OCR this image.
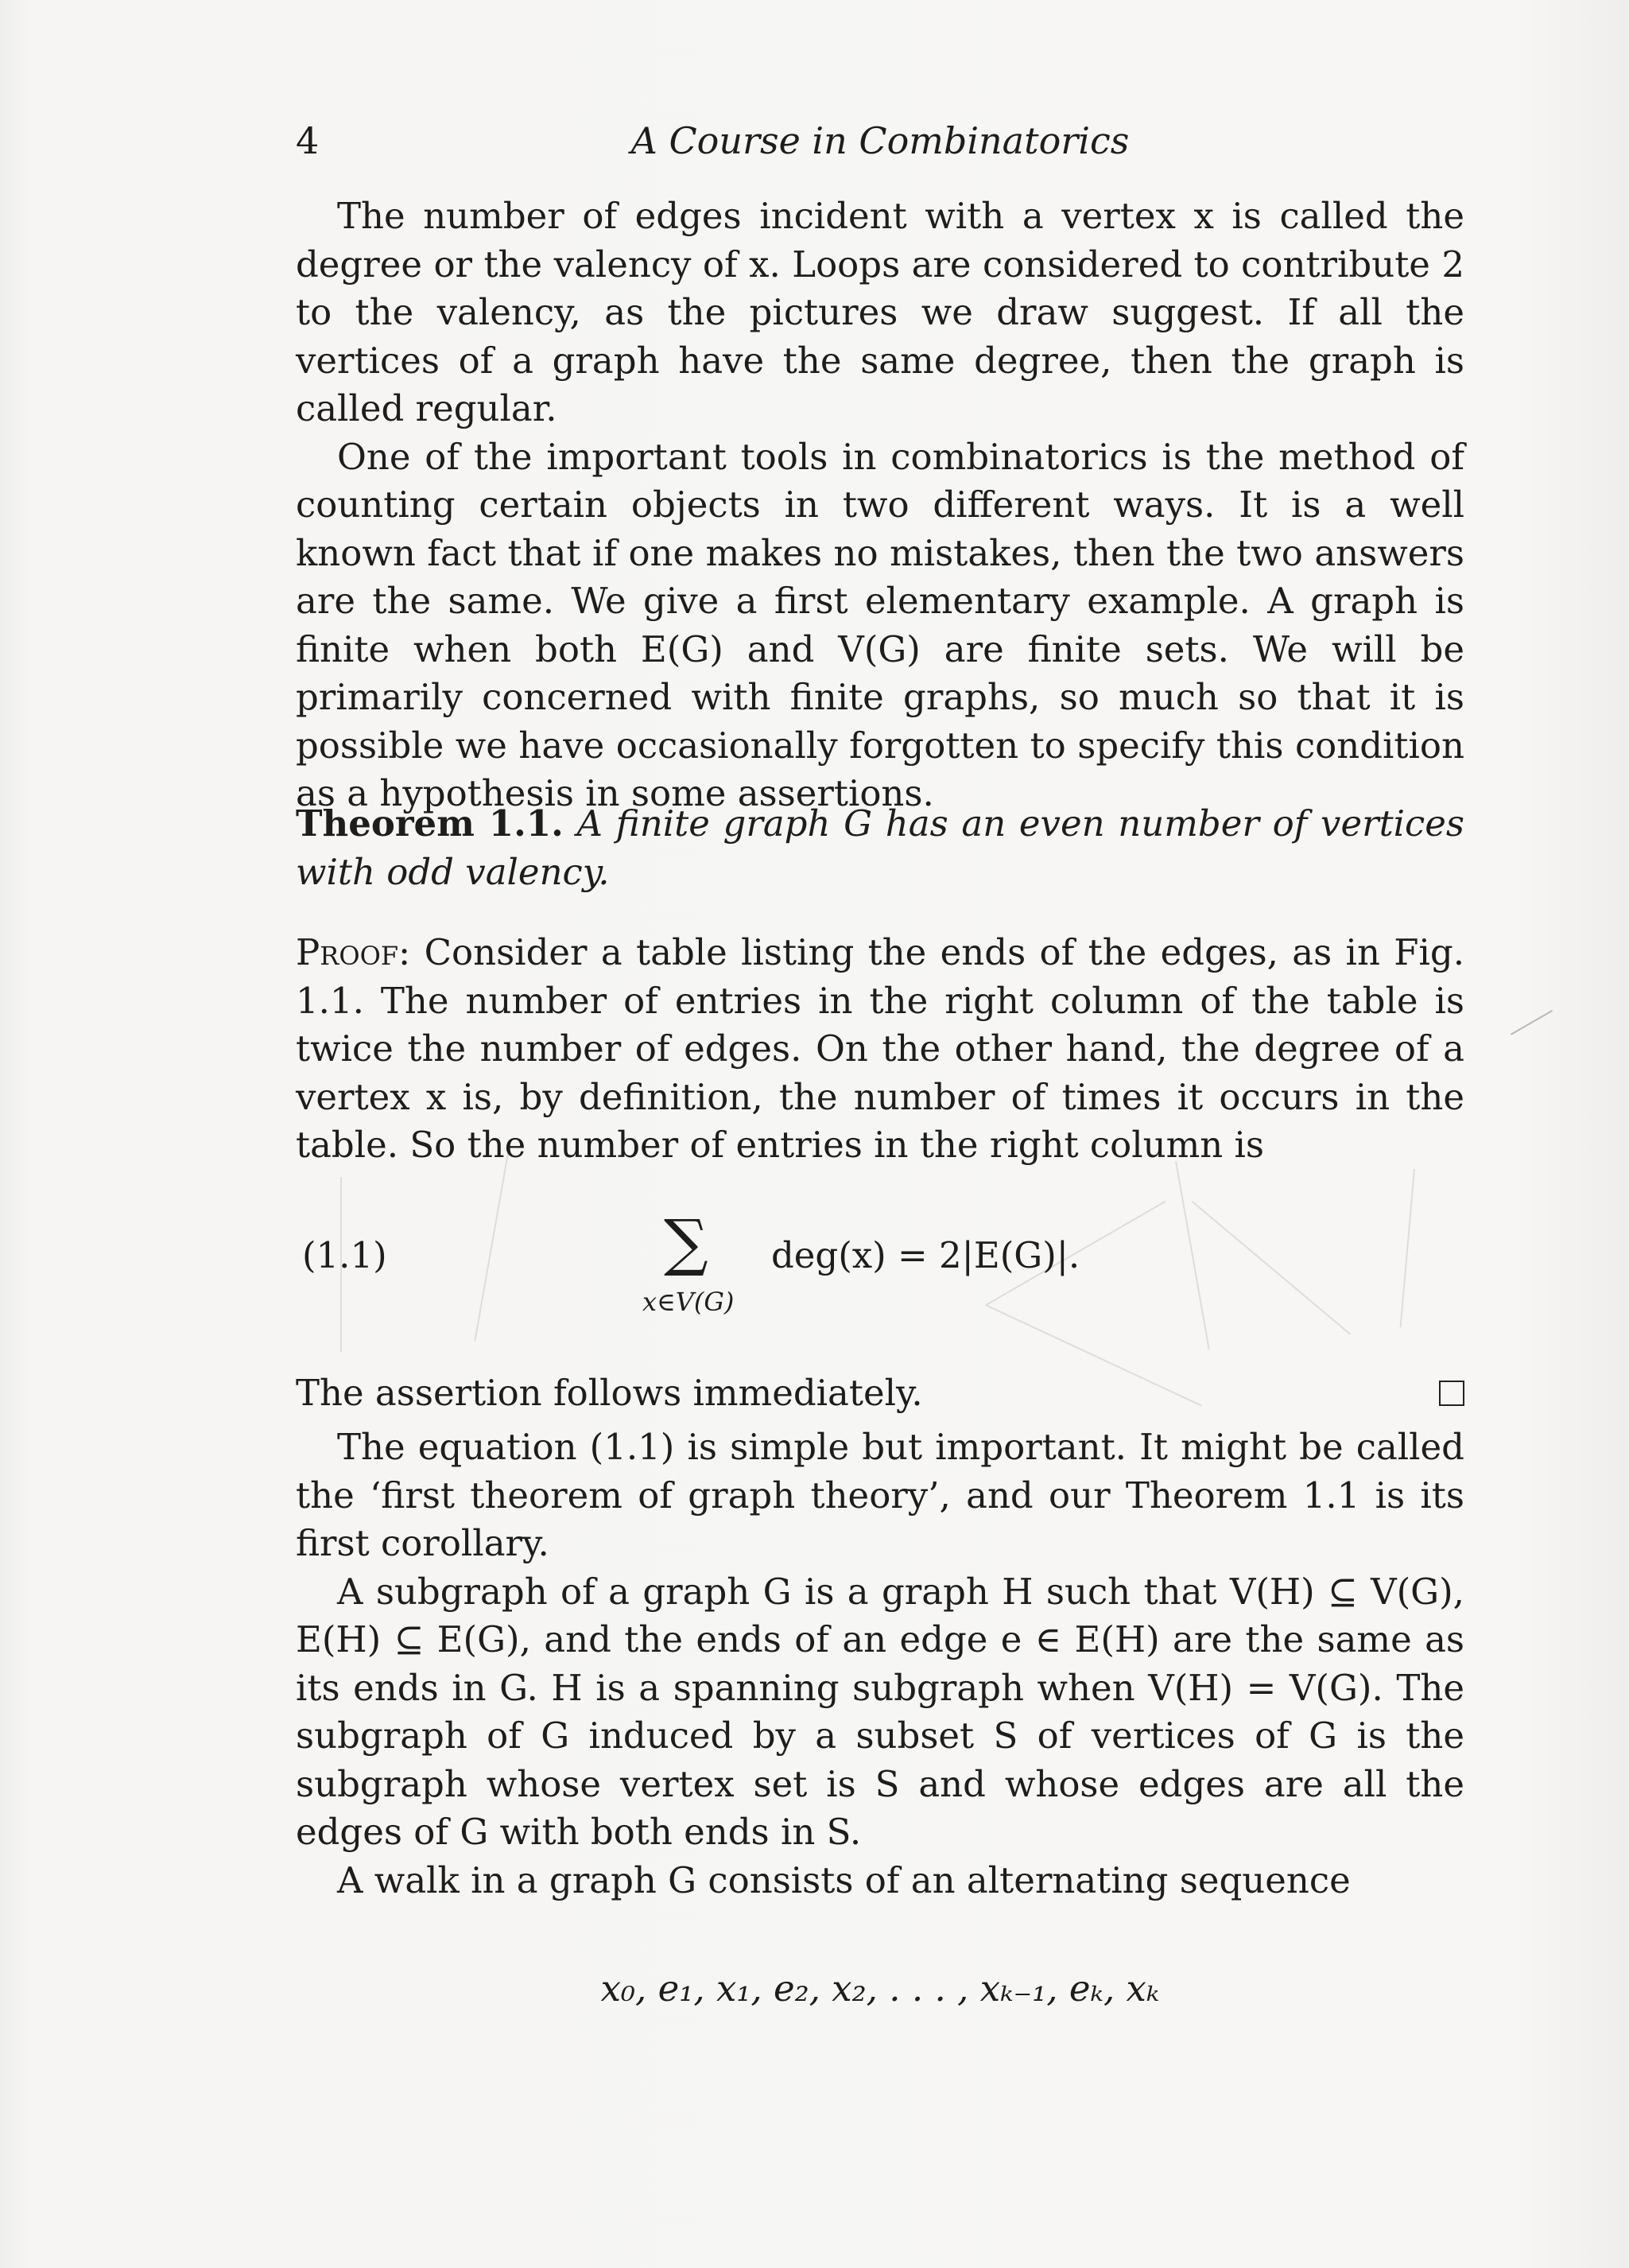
4	A Course in Combinatorics

The number of edges incident with a vertex x is called the degree or the valency of x. Loops are considered to contribute 2 to the valency, as the pictures we draw suggest. If all the vertices of a graph have the same degree, then the graph is called regular.

One of the important tools in combinatorics is the method of counting certain objects in two different ways. It is a well known fact that if one makes no mistakes, then the two answers are the same. We give a first elementary example. A graph is finite when both E(G) and V(G) are finite sets. We will be primarily concerned with finite graphs, so much so that it is possible we have occasionally forgotten to specify this condition as a hypothesis in some assertions.

Theorem 1.1. A finite graph G has an even number of vertices with odd valency.

Proof: Consider a table listing the ends of the edges, as in Fig. 1.1. The number of entries in the right column of the table is twice the number of edges. On the other hand, the degree of a vertex x is, by definition, the number of times it occurs in the table. So the number of entries in the right column is

(1.1)	∑
x∈V(G)
deg(x) = 2|E(G)|.

The assertion follows immediately.

The equation (1.1) is simple but important. It might be called the ‘first theorem of graph theory’, and our Theorem 1.1 is its first corollary.

A subgraph of a graph G is a graph H such that V(H) ⊆ V(G), E(H) ⊆ E(G), and the ends of an edge e ∈ E(H) are the same as its ends in G. H is a spanning subgraph when V(H) = V(G). The subgraph of G induced by a subset S of vertices of G is the subgraph whose vertex set is S and whose edges are all the edges of G with both ends in S.

A walk in a graph G consists of an alternating sequence

x₀, e₁, x₁, e₂, x₂, . . . , xₖ₋₁, eₖ, xₖ
